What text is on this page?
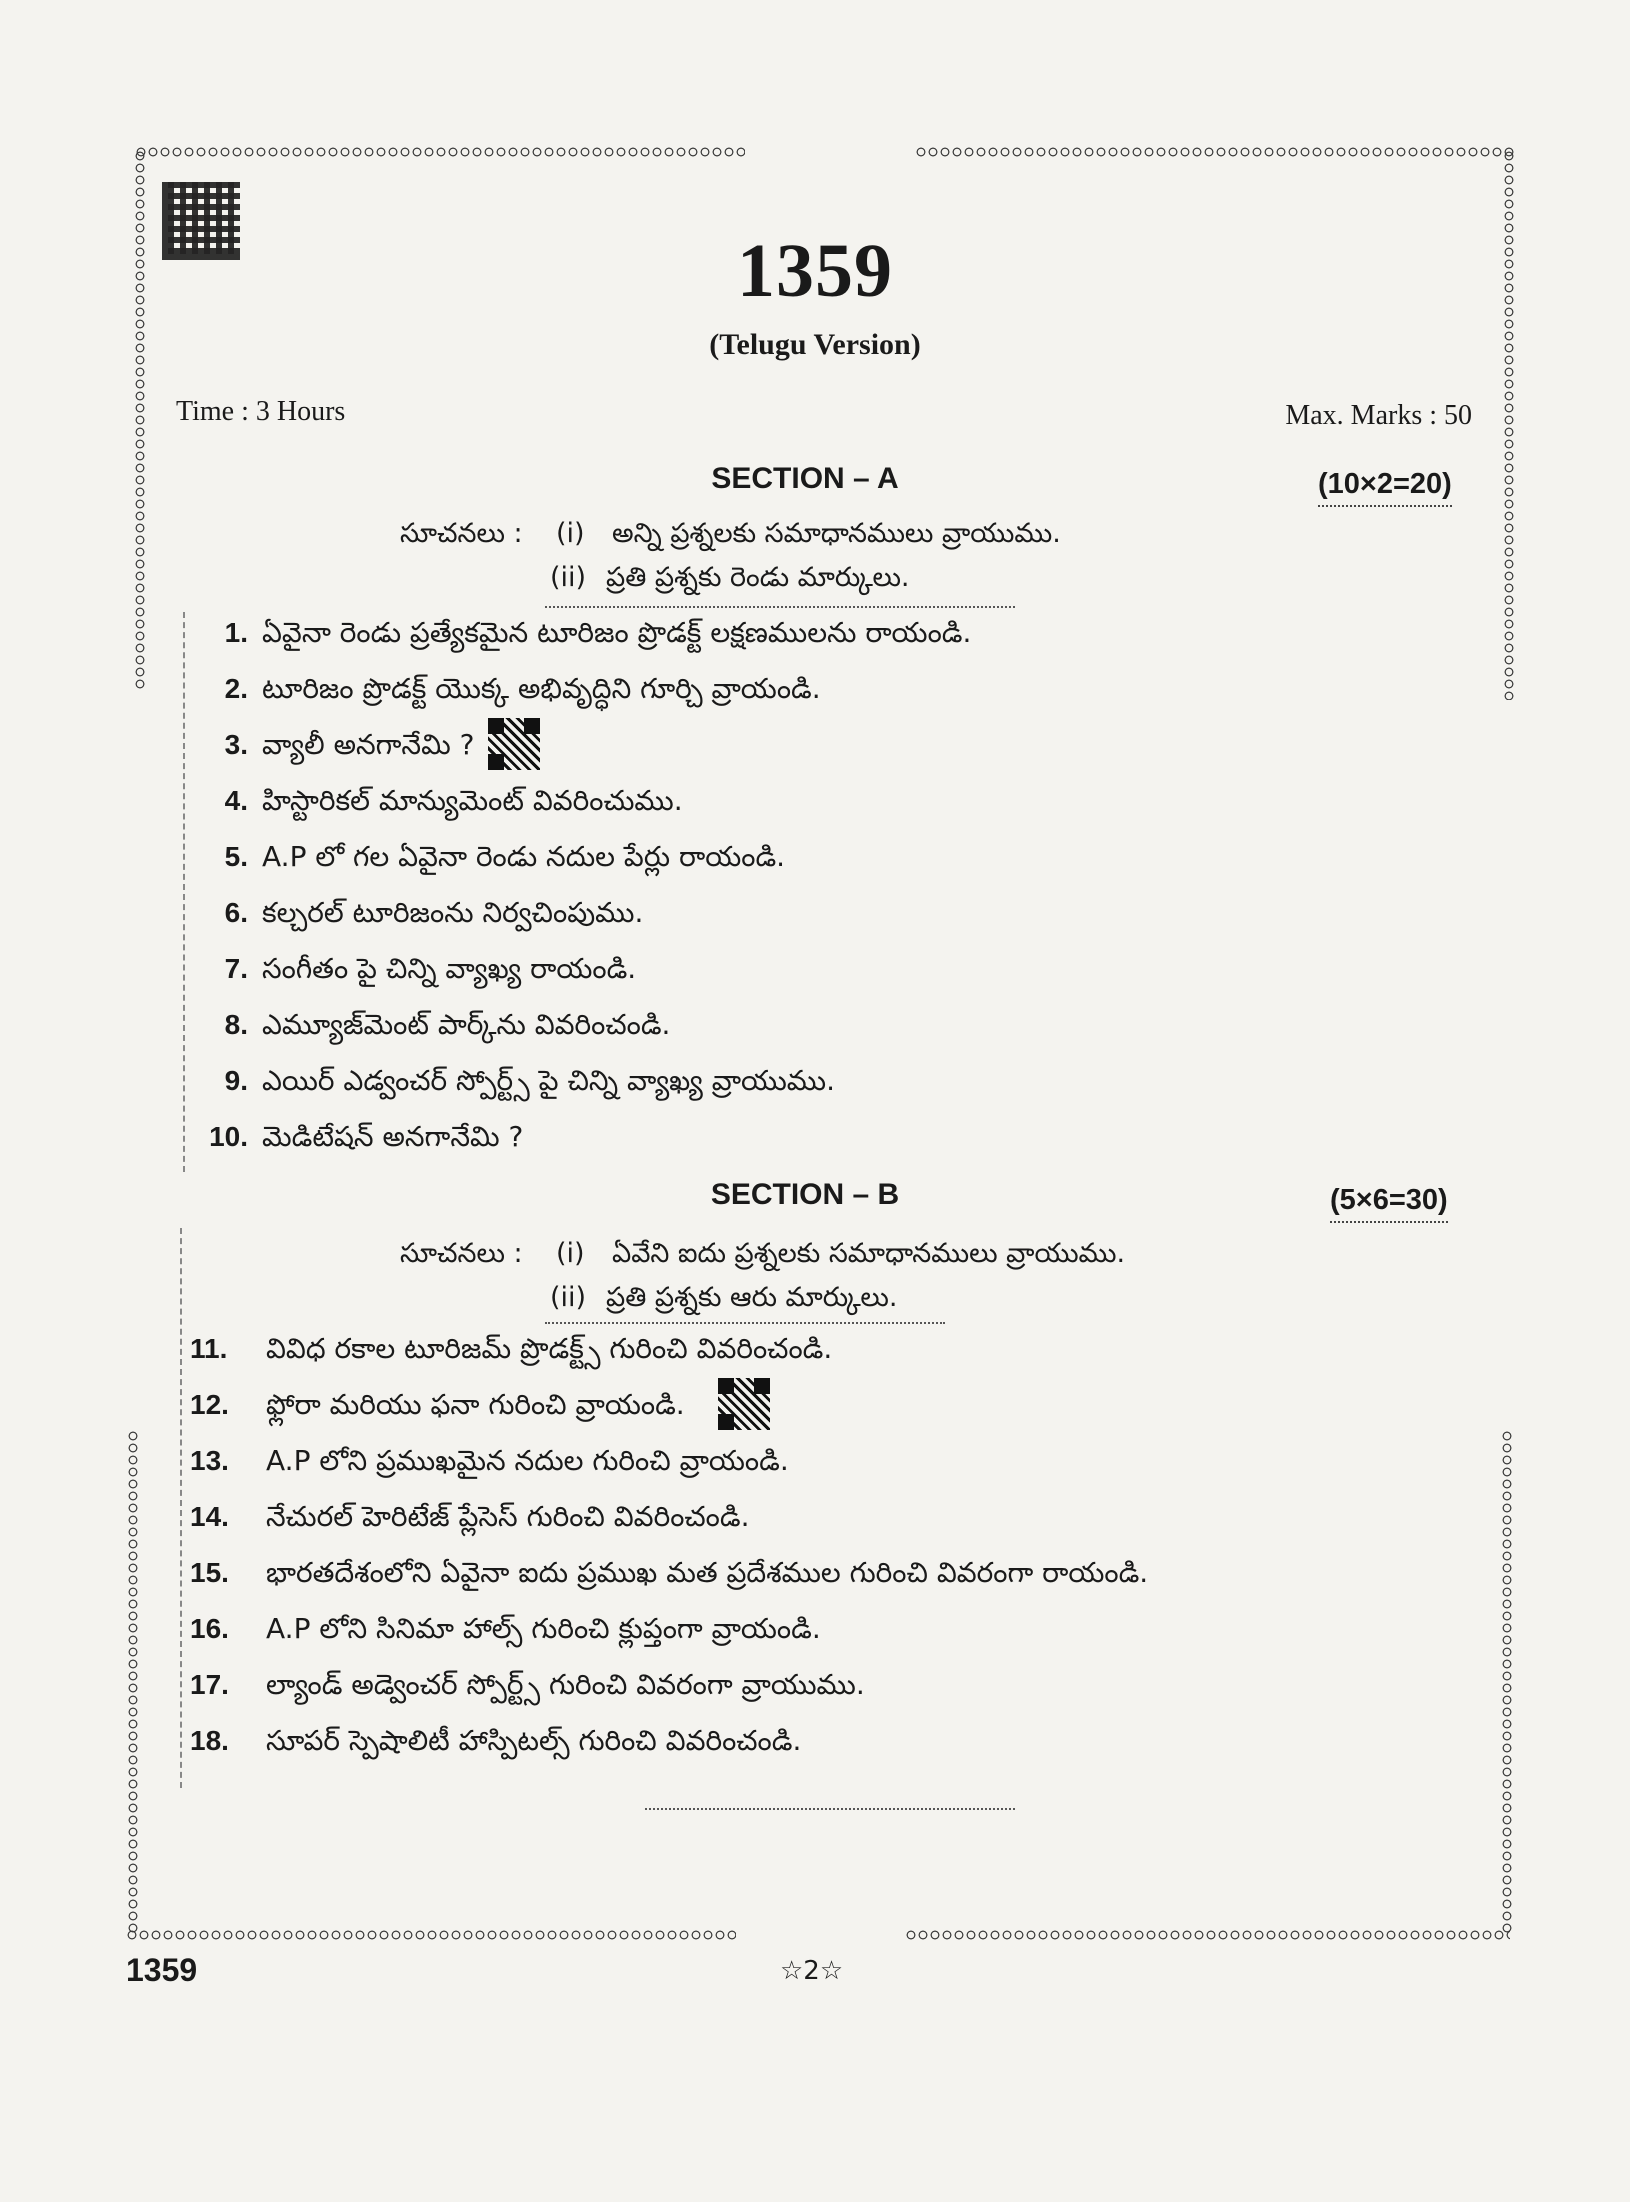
1359
(Telugu Version)
Time : 3 Hours	Max. Marks : 50
SECTION – A	(10×2=20)
సూచనలు : (i) అన్ని ప్రశ్నలకు సమాధానములు వ్రాయుము.
(ii) ప్రతి ప్రశ్నకు రెండు మార్కులు.
1. ఏవైనా రెండు ప్రత్యేకమైన టూరిజం ప్రొడక్ట్ లక్షణములను రాయండి.
2. టూరిజం ప్రొడక్ట్ యొక్క అభివృద్ధిని గూర్చి వ్రాయండి.
3. వ్యాలీ అనగానేమి ?
4. హిస్టారికల్ మాన్యుమెంట్ వివరించుము.
5. A.P లో గల ఏవైనా రెండు నదుల పేర్లు రాయండి.
6. కల్చరల్ టూరిజంను నిర్వచింపుము.
7. సంగీతం పై చిన్ని వ్యాఖ్య రాయండి.
8. ఎమ్యూజ్‌మెంట్ పార్క్‌ను వివరించండి.
9. ఎయిర్ ఎడ్వంచర్ స్పోర్ట్స్ పై చిన్ని వ్యాఖ్య వ్రాయుము.
10. మెడిటేషన్ అనగానేమి ?
SECTION – B	(5×6=30)
సూచనలు : (i) ఏవేని ఐదు ప్రశ్నలకు సమాధానములు వ్రాయుము.
(ii) ప్రతి ప్రశ్నకు ఆరు మార్కులు.
11. వివిధ రకాల టూరిజమ్ ప్రొడక్ట్స్ గురించి వివరించండి.
12. ఫ్లోరా మరియు ఫనా గురించి వ్రాయండి.
13. A.P లోని ప్రముఖమైన నదుల గురించి వ్రాయండి.
14. నేచురల్ హెరిటేజ్ ప్లేసెస్ గురించి వివరించండి.
15. భారతదేశంలోని ఏవైనా ఐదు ప్రముఖ మత ప్రదేశముల గురించి వివరంగా రాయండి.
16. A.P లోని సినిమా హాల్స్ గురించి క్లుప్తంగా వ్రాయండి.
17. ల్యాండ్ అడ్వెంచర్ స్పోర్ట్స్ గురించి వివరంగా వ్రాయుము.
18. సూపర్ స్పెషాలిటీ హాస్పిటల్స్ గురించి వివరించండి.
1359	☆2☆
